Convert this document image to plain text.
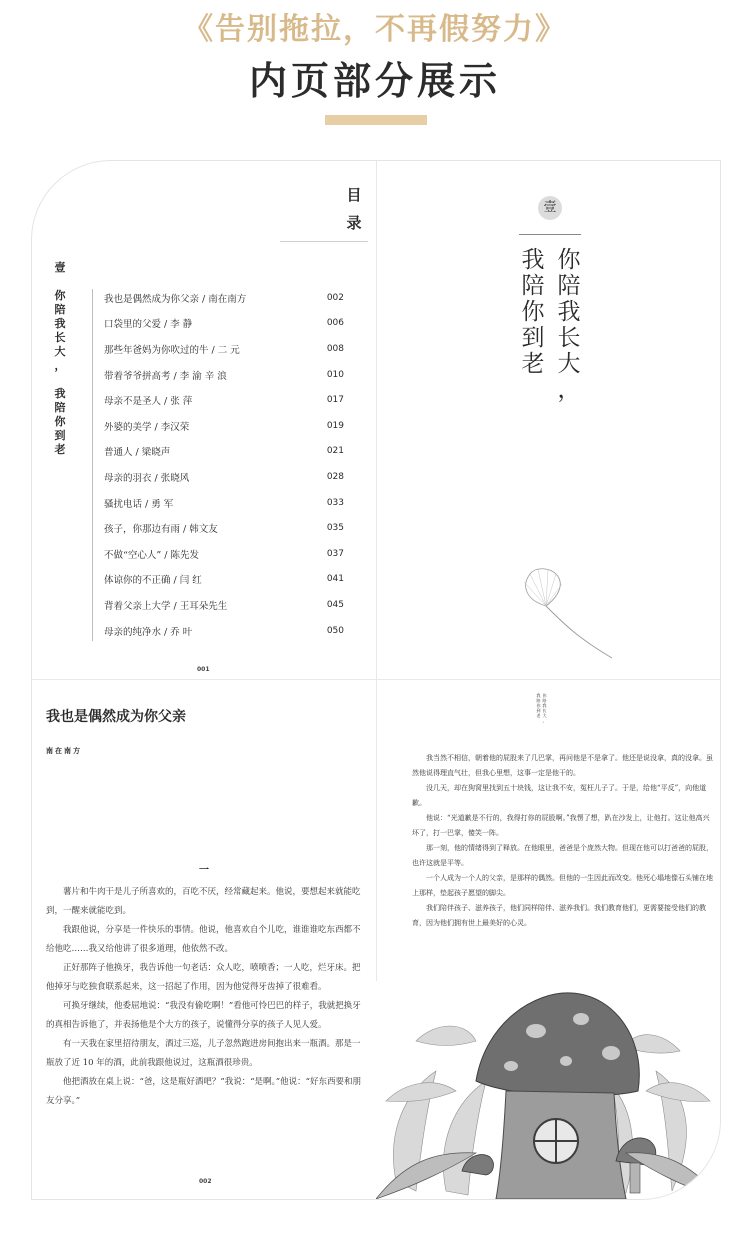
《告别拖拉，不再假努力》
内页部分展示
目
录
壹

你
陪
我
长
大
，

我
陪
你
到
老
我也是偶然成为你父亲 / 南在南方	002
口袋里的父爱 / 李 静	006
那些年爸妈为你吹过的牛 / 二 元	008
带着爷爷拼高考 / 李 渝 辛 浪	010
母亲不是圣人 / 张 萍	017
外婆的美学 / 李汉荣	019
普通人 / 梁晓声	021
母亲的羽衣 / 张晓风	028
骚扰电话 / 勇 军	033
孩子，你那边有雨 / 韩文友	035
不做“空心人” / 陈先发	037
体谅你的不正确 / 闫 红	041
背着父亲上大学 / 王耳朵先生	045
母亲的纯净水 / 乔 叶	050
001
壹
你
陪
我
长
大
，
我
陪
你
到
老
我也是偶然成为你父亲
南在南方
一

薯片和牛肉干是儿子所喜欢的，百吃不厌，经常藏起来。他说，要想起来就能吃到，一醒来就能吃到。

我跟他说，分享是一件快乐的事情。他说，他喜欢自个儿吃，谁谁谁吃东西都不给他吃……我又给他讲了很多道理，他依然不改。

正好那阵子他换牙，我告诉他一句老话：众人吃，喷喷香；一人吃，烂牙床。把他掉牙与吃独食联系起来，这一招起了作用，因为他觉得牙齿掉了很难看。

可换牙继续，他委屈地说：“我没有偷吃啊！”看他可怜巴巴的样子，我就把换牙的真相告诉他了，并表扬他是个大方的孩子，说懂得分享的孩子人见人爱。

有一天我在家里招待朋友，酒过三巡，儿子忽然跑进房间抱出来一瓶酒。那是一瓶放了近 10 年的酒，此前我跟他说过，这瓶酒很珍贵。

他把酒放在桌上说：“爸，这是瓶好酒吧？”我说：“是啊。”他说：“好东西要和朋友分享。”

002
我
陪
你
到
老
你
陪
我
长
大
，

我当然不相信，朝着他的屁股来了几巴掌，再问他是不是拿了。他还是说没拿，真的没拿。虽然他说得理直气壮，但我心里想，这事一定是他干的。

没几天，却在狗窝里找到五十块钱，这让我不安，冤枉儿子了。于是，给他“平反”，向他道歉。

他说：“光道歉是不行的，我得打你的屁股啊。”我愣了想，趴在沙发上，让他打。这让他高兴坏了，打一巴掌，傻笑一阵。

那一刻，他的情绪得到了释放。在他眼里，爸爸是个庞然大物。但现在他可以打爸爸的屁股，也许这就是平等。

一个人成为一个人的父亲，是那样的偶然。但他的一生因此而改变。他死心塌地像石头铺在地上那样，垫起孩子愿望的脚尖。

我们陪伴孩子、滋养孩子，他们同样陪伴、滋养我们。我们教育他们，更需要接受他们的教育，因为他们拥有世上最美好的心灵。
